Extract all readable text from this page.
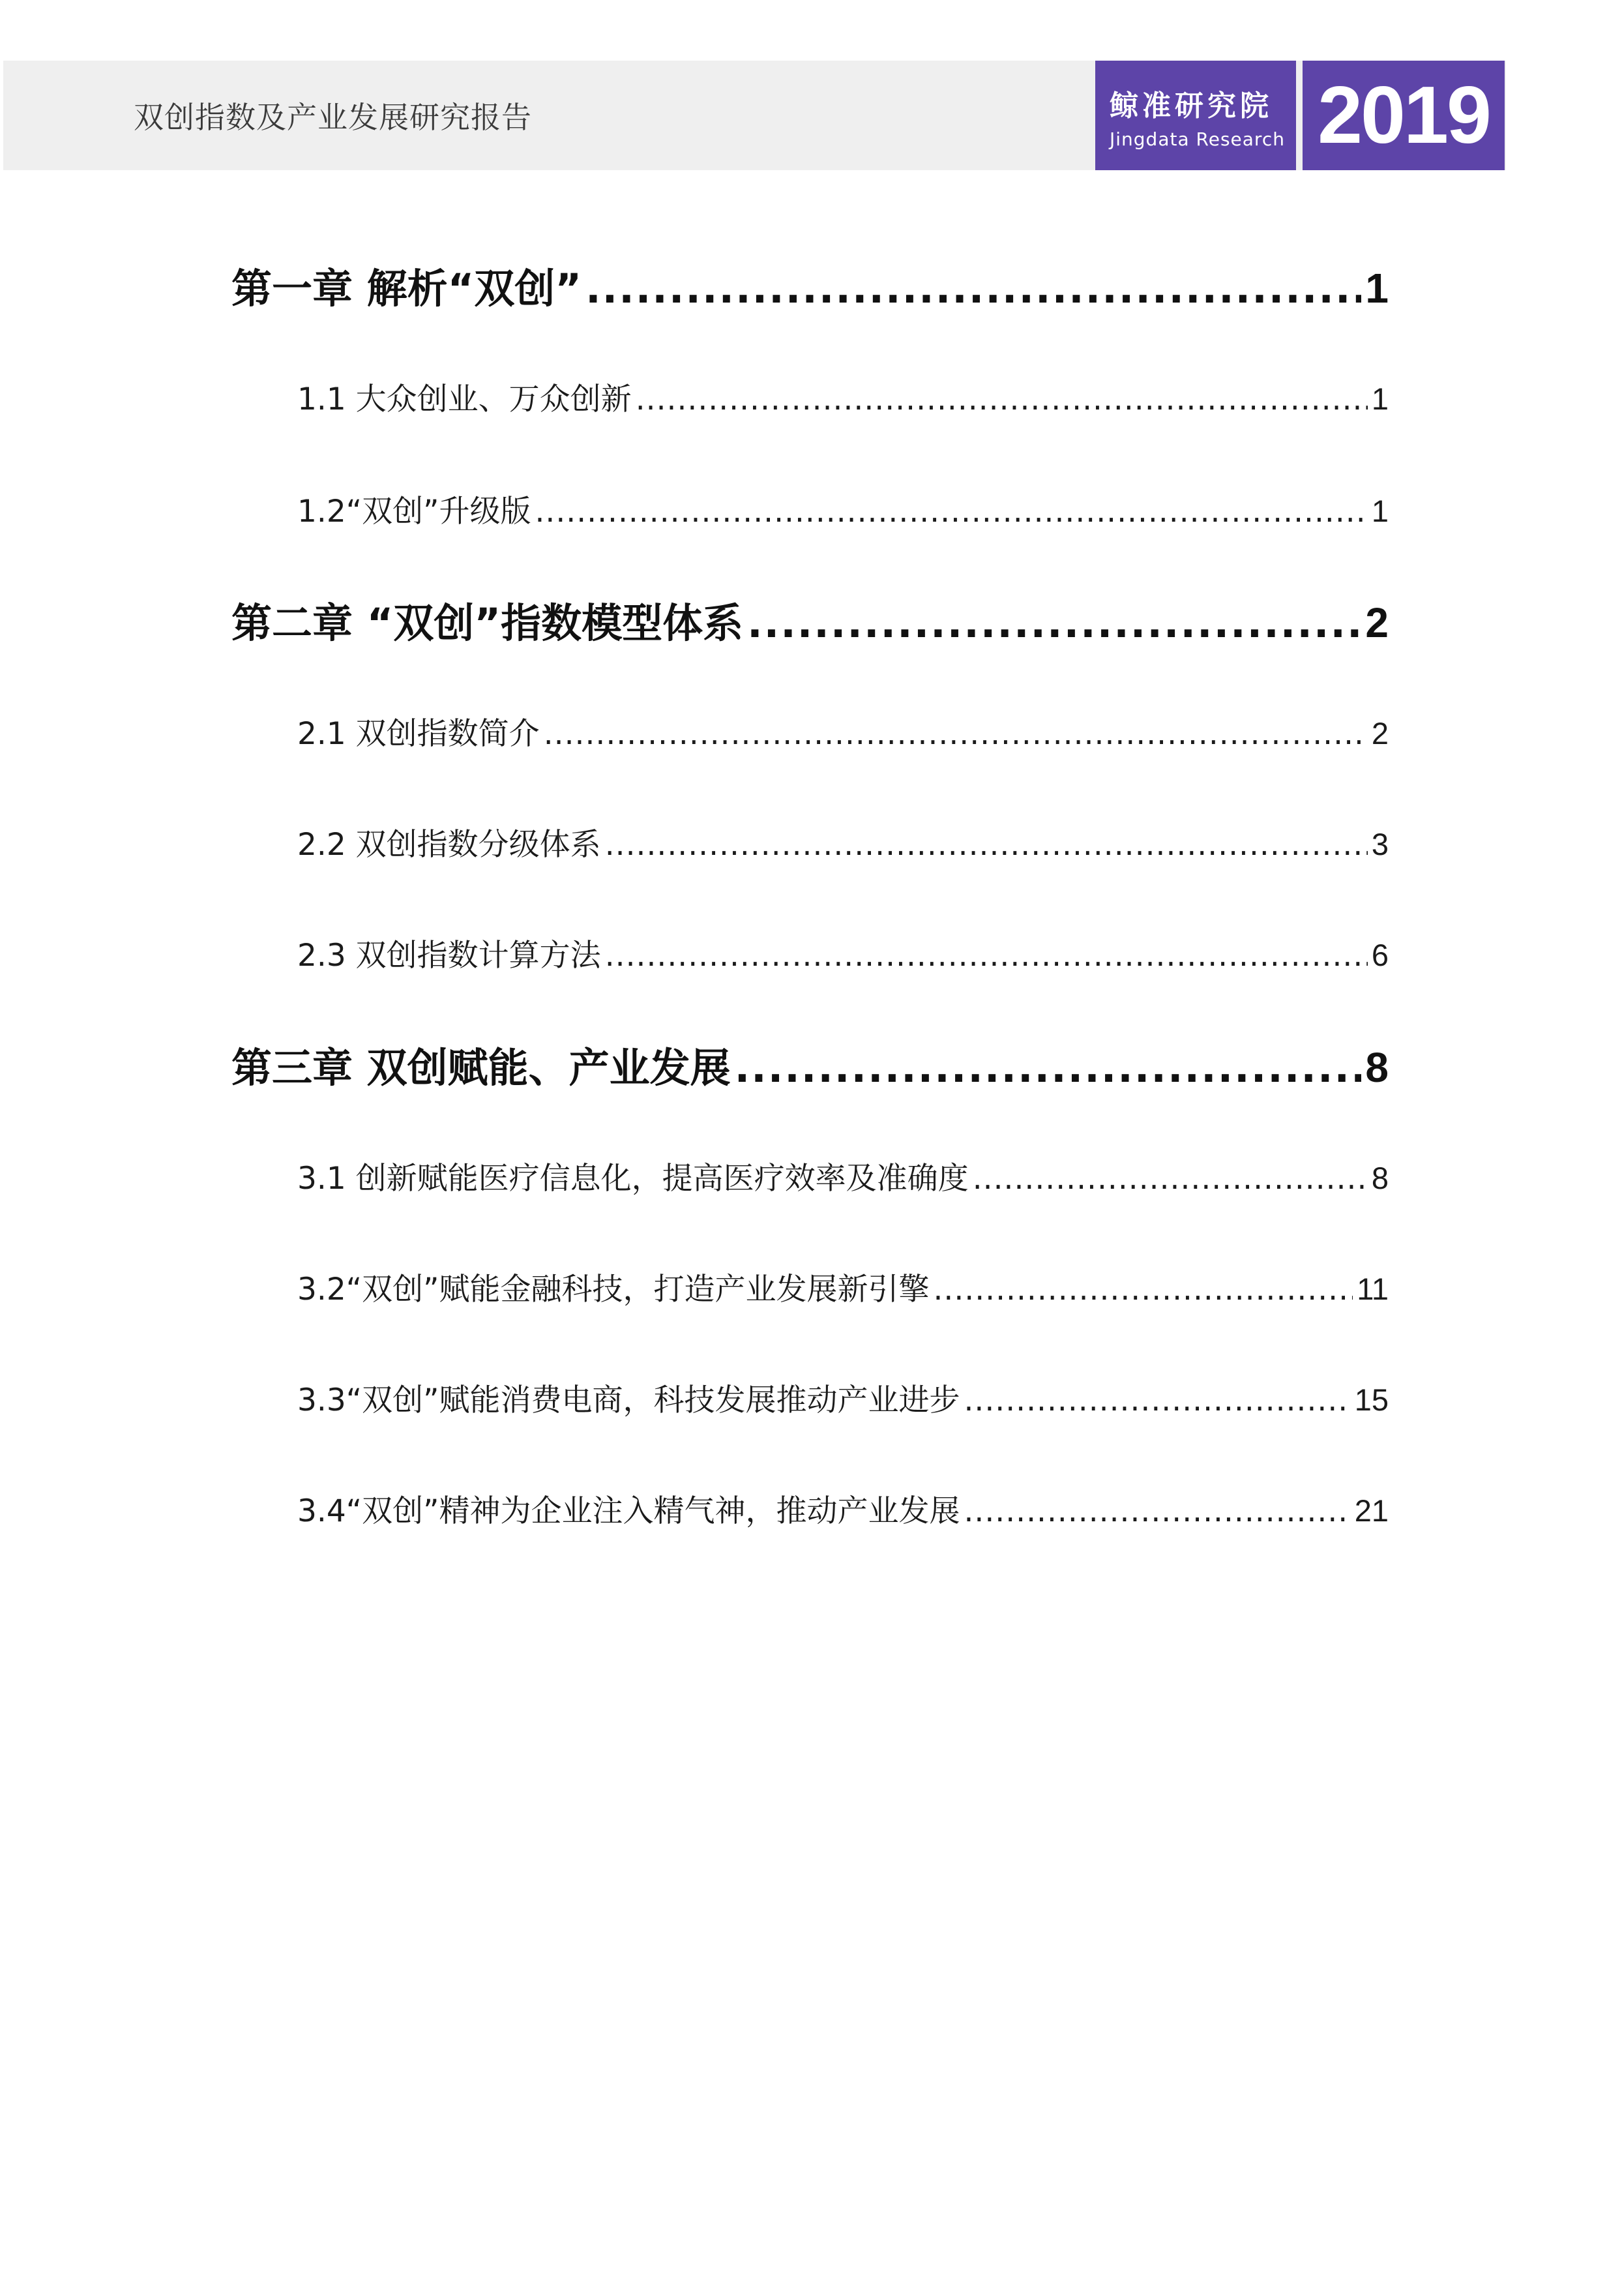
双创指数及产业发展研究报告	鲸准研究院
Jingdata Research 2019
第一章 解析“双创” .....	1
1.1 大众创业、万众创新 .....	1
1.2“双创”升级版 .....	1
第二章 “双创”指数模型体系 .....	2
2.1 双创指数简介 .....	2
2.2 双创指数分级体系 .....	3
2.3 双创指数计算方法 .....	6
第三章 双创赋能、产业发展 .....	8
3.1 创新赋能医疗信息化，提高医疗效率及准确度 .....	8
3.2“双创”赋能金融科技，打造产业发展新引擎 .....	11
3.3“双创”赋能消费电商，科技发展推动产业进步 .....	15
3.4“双创”精神为企业注入精气神，推动产业发展 .....	21
